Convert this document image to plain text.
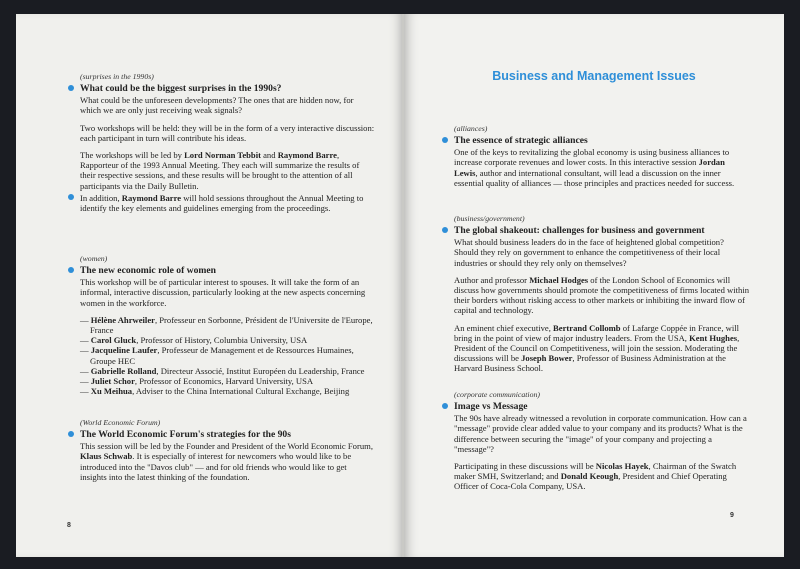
(surprises in the 1990s)
What could be the biggest surprises in the 1990s?

What could be the unforeseen developments? The ones that are hidden now, for which we are only just receiving weak signals?

Two workshops will be held: they will be in the form of a very interactive discussion: each participant in turn will contribute his ideas.

The workshops will be led by Lord Norman Tebbit and Raymond Barre, Rapporteur of the 1993 Annual Meeting. They each will summarize the results of their respective sessions, and these results will be brought to the attention of all participants via the Daily Bulletin.

In addition, Raymond Barre will hold sessions throughout the Annual Meeting to identify the key elements and guidelines emerging from the proceedings.
(women)
The new economic role of women

This workshop will be of particular interest to spouses. It will take the form of an informal, interactive discussion, particularly looking at the new aspects concerning women in the workforce.

— Hélène Ahrweiler, Professeur en Sorbonne, Président de l'Universite de l'Europe, France
— Carol Gluck, Professor of History, Columbia University, USA
— Jacqueline Laufer, Professeur de Management et de Ressources Humaines, Groupe HEC
— Gabrielle Rolland, Directeur Associé, Institut Européen du Leadership, France
— Juliet Schor, Professor of Economics, Harvard University, USA
— Xu Meihua, Adviser to the China International Cultural Exchange, Beijing
(World Economic Forum)
The World Economic Forum's strategies for the 90s

This session will be led by the Founder and President of the World Economic Forum, Klaus Schwab. It is especially of interest for newcomers who would like to be introduced into the "Davos club" — and for old friends who would like to get insights into the latest thinking of the foundation.

8
Business and Management Issues
(alliances)
The essence of strategic alliances

One of the keys to revitalizing the global economy is using business alliances to increase corporate revenues and lower costs. In this interactive session Jordan Lewis, author and international consultant, will lead a discussion on the inner essential quality of alliances — those principles and practices needed for success.

(business/government)
The global shakeout: challenges for business and government

What should business leaders do in the face of heightened global competition? Should they rely on government to enhance the competitiveness of their local industries or should they rely only on themselves?

Author and professor Michael Hodges of the London School of Economics will discuss how governments should promote the competitiveness of firms located within their borders without risking access to other markets or inhibiting the inward flow of capital and technology.

An eminent chief executive, Bertrand Collomb of Lafarge Coppée in France, will bring in the point of view of major industry leaders. From the USA, Kent Hughes, President of the Council on Competitiveness, will join the session. Moderating the discussions will be Joseph Bower, Professor of Business Administration at the Harvard Business School.

(corporate communication)
Image vs Message

The 90s have already witnessed a revolution in corporate communication. How can a "message" provide clear added value to your company and its products? What is the difference between securing the "image" of your company and projecting a "message"?

Participating in these discussions will be Nicolas Hayek, Chairman of the Swatch maker SMH, Switzerland; and Donald Keough, President and Chief Operating Officer of Coca-Cola Company, USA.

9
